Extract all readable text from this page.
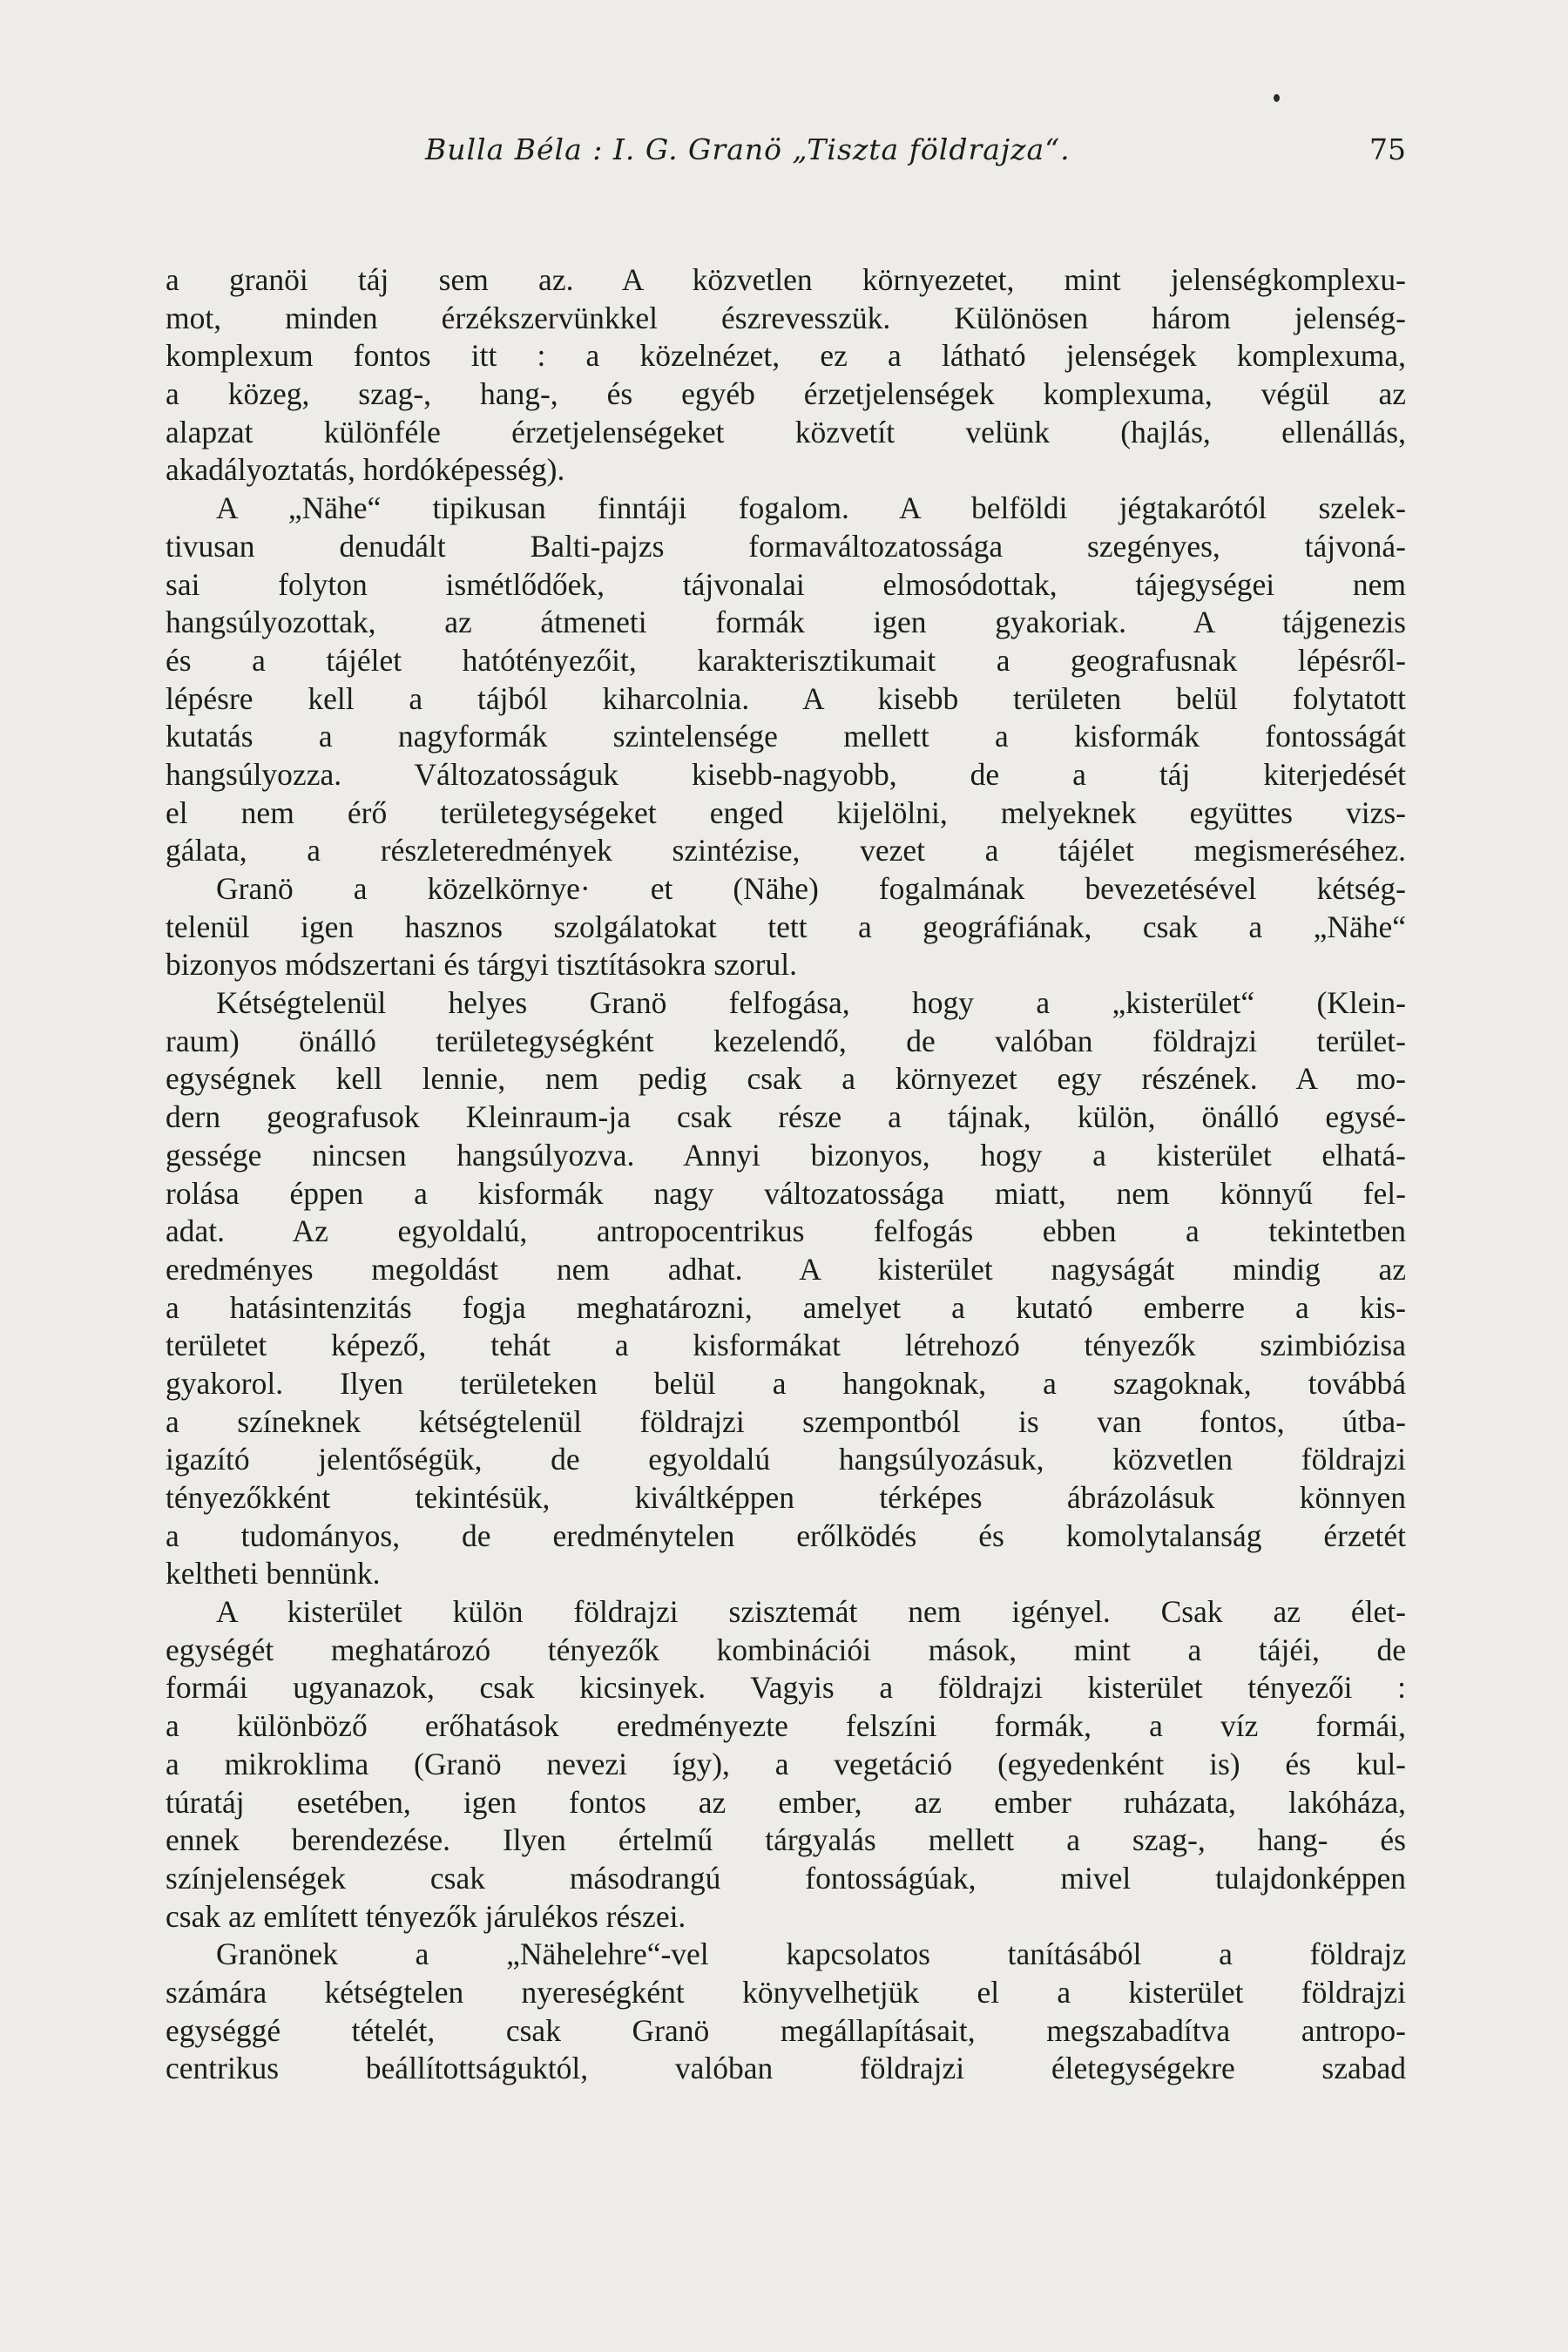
Bulla Béla : I. G. Granö „Tiszta földrajza“.	75
a granöi táj sem az. A közvetlen környezetet, mint jelenségkomplexu-
mot, minden érzékszervünkkel észrevesszük. Különösen három jelenség-
komplexum fontos itt : a közelnézet, ez a látható jelenségek komplexuma,
a közeg, szag-, hang-, és egyéb érzetjelenségek komplexuma, végül az
alapzat különféle érzetjelenségeket közvetít velünk (hajlás, ellenállás,
akadályoztatás, hordóképesség).
A „Nähe“ tipikusan finntáji fogalom. A belföldi jégtakarótól szelek-
tivusan denudált Balti-pajzs formaváltozatossága szegényes, tájvoná-
sai folyton ismétlődőek, tájvonalai elmosódottak, tájegységei nem
hangsúlyozottak, az átmeneti formák igen gyakoriak. A tájgenezis
és a tájélet hatótényezőit, karakterisztikumait a geografusnak lépésről-
lépésre kell a tájból kiharcolnia. A kisebb területen belül folytatott
kutatás a nagyformák szintelensége mellett a kisformák fontosságát
hangsúlyozza. Változatosságuk kisebb-nagyobb, de a táj kiterjedését
el nem érő területegységeket enged kijelölni, melyeknek együttes vizs-
gálata, a részleteredmények szintézise, vezet a tájélet megismeréséhez.
Granö a közelkörnye· et (Nähe) fogalmának bevezetésével kétség-
telenül igen hasznos szolgálatokat tett a geográfiának, csak a „Nähe“
bizonyos módszertani és tárgyi tisztításokra szorul.
Kétségtelenül helyes Granö felfogása, hogy a „kisterület“ (Klein-
raum) önálló területegységként kezelendő, de valóban földrajzi terület-
egységnek kell lennie, nem pedig csak a környezet egy részének. A mo-
dern geografusok Kleinraum-ja csak része a tájnak, külön, önálló egysé-
gessége nincsen hangsúlyozva. Annyi bizonyos, hogy a kisterület elhatá-
rolása éppen a kisformák nagy változatossága miatt, nem könnyű fel-
adat. Az egyoldalú, antropocentrikus felfogás ebben a tekintetben
eredményes megoldást nem adhat. A kisterület nagyságát mindig az
a hatásintenzitás fogja meghatározni, amelyet a kutató emberre a kis-
területet képező, tehát a kisformákat létrehozó tényezők szimbiózisa
gyakorol. Ilyen területeken belül a hangoknak, a szagoknak, továbbá
a színeknek kétségtelenül földrajzi szempontból is van fontos, útba-
igazító jelentőségük, de egyoldalú hangsúlyozásuk, közvetlen földrajzi
tényezőkként tekintésük, kiváltképpen térképes ábrázolásuk könnyen
a tudományos, de eredménytelen erőlködés és komolytalanság érzetét
keltheti bennünk.
A kisterület külön földrajzi szisztemát nem igényel. Csak az élet-
egységét meghatározó tényezők kombinációi mások, mint a tájéi, de
formái ugyanazok, csak kicsinyek. Vagyis a földrajzi kisterület tényezői :
a különböző erőhatások eredményezte felszíni formák, a víz formái,
a mikroklima (Granö nevezi így), a vegetáció (egyedenként is) és kul-
túratáj esetében, igen fontos az ember, az ember ruházata, lakóháza,
ennek berendezése. Ilyen értelmű tárgyalás mellett a szag-, hang- és
színjelenségek csak másodrangú fontosságúak, mivel tulajdonképpen
csak az említett tényezők járulékos részei.
Granönek a „Nähelehre“-vel kapcsolatos tanításából a földrajz
számára kétségtelen nyereségként könyvelhetjük el a kisterület földrajzi
egységgé tételét, csak Granö megállapításait, megszabadítva antropo-
centrikus beállítottságuktól, valóban földrajzi életegységekre szabad
